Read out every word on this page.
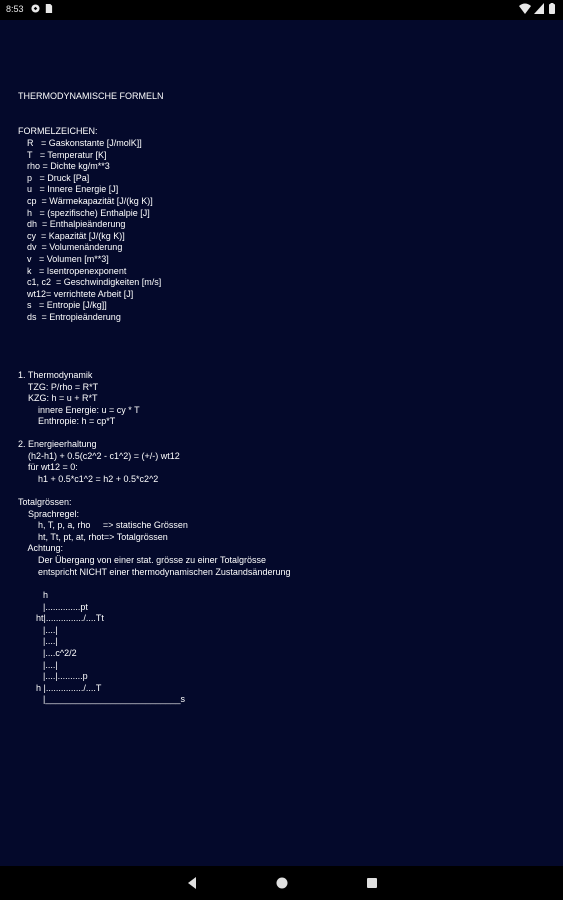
8:53
THERMODYNAMISCHE FORMELN
FORMELZEICHEN:
R   = Gaskonstante [J/molK]]
T   = Temperatur [K]
rho = Dichte kg/m**3
p   = Druck [Pa]
u   = Innere Energie [J]
cp  = Wärmekapazität [J/(kg K)]
h   = (spezifische) Enthalpie [J]
dh  = Enthalpieänderung
cy  = Kapazität [J/(kg K)]
dv  = Volumenänderung
v   = Volumen [m**3]
k   = Isentropenexponent
c1, c2  = Geschwindigkeiten [m/s]
wt12= verrichtete Arbeit [J]
s   = Entropie [J/kg]]
ds  = Entropieänderung
1. Thermodynamik
TZG: P/rho = R*T
KZG: h = u + R*T
innere Energie: u = cy * T
Enthropie: h = cp*T
2. Energieerhaltung
(h2-h1) + 0.5(c2^2 - c1^2) = (+/-) wt12
für wt12 = 0:
h1 + 0.5*c1^2 = h2 + 0.5*c2^2
Totalgrössen:
Sprachregel:
h, T, p, a, rho     => statische Grössen
ht, Tt, pt, at, rhot=> Totalgrössen
Achtung:
Der Übergang von einer stat. grösse zu einer Totalgrösse
entspricht NICHT einer thermodynamischen Zustandsänderung
h
|..............pt
ht|.............../....Tt
|....|
|....|
|....c^2/2
|....|
|....|..........p
h |.............../....T
|___________________________s
